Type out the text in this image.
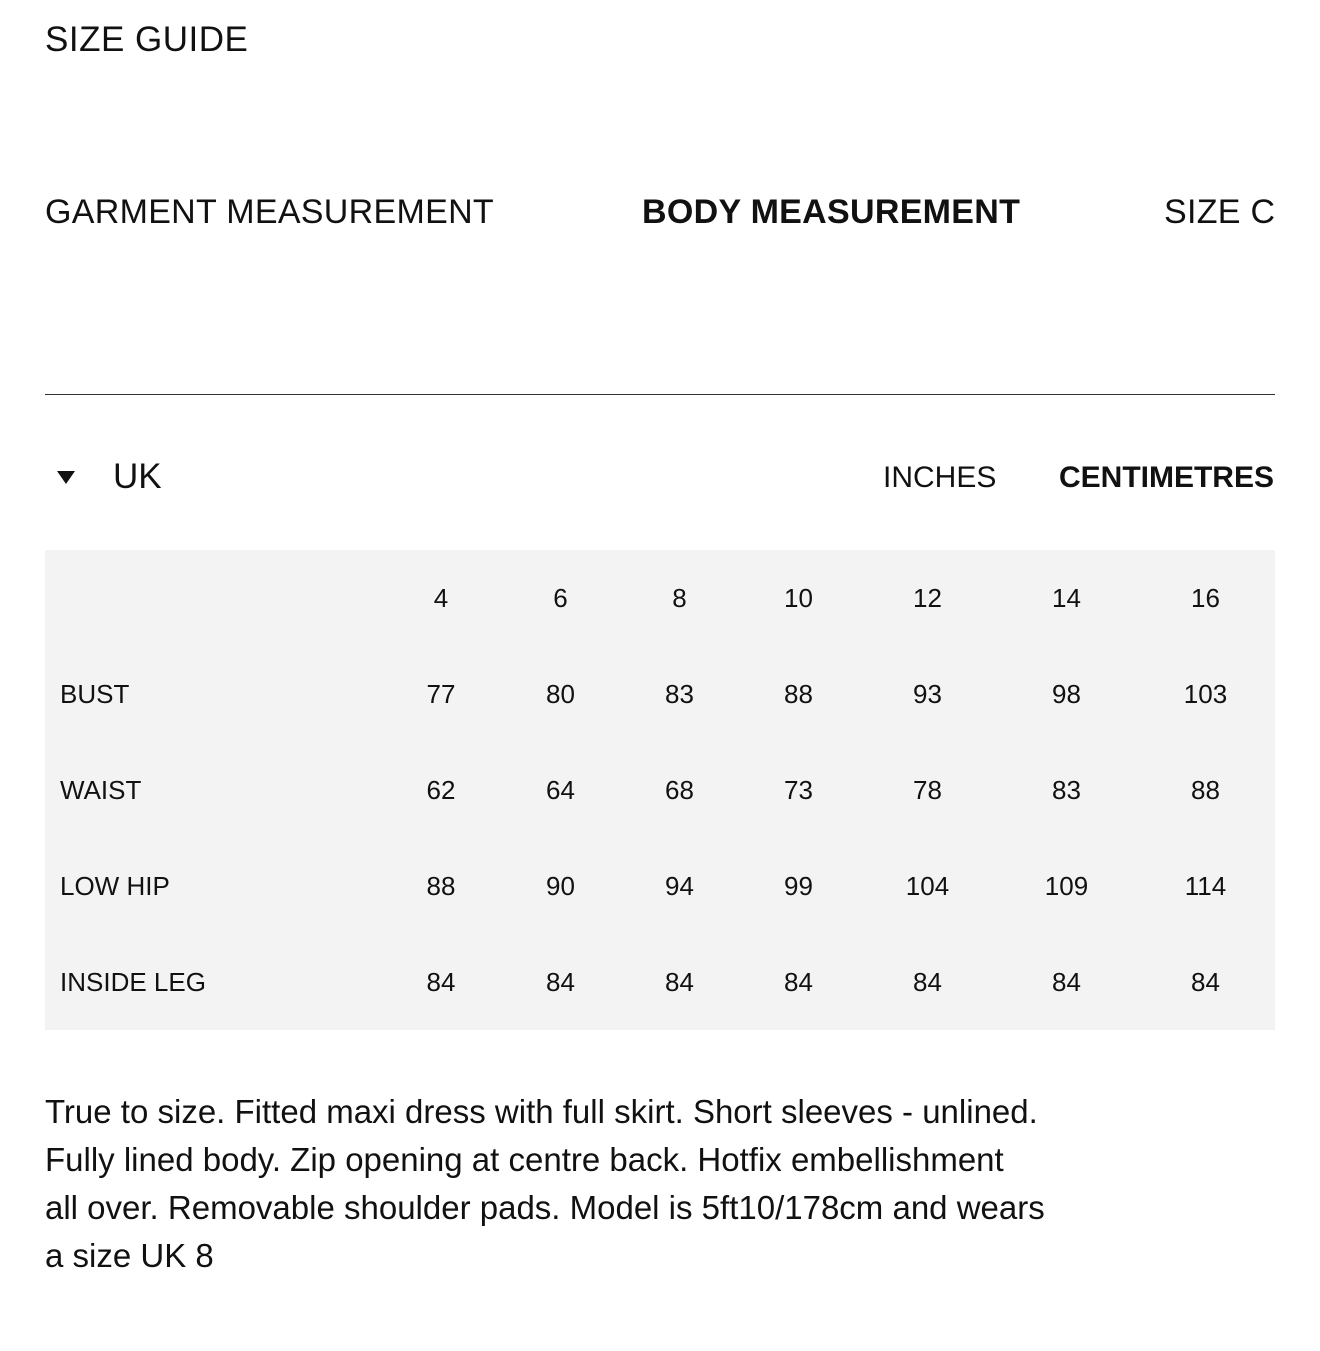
SIZE GUIDE
GARMENT MEASUREMENT	BODY MEASUREMENT	SIZE C
UK	INCHES CENTIMETRES
	4	6	8	10	12	14	16
BUST	77	80	83	88	93	98	103
WAIST	62	64	68	73	78	83	88
LOW HIP	88	90	94	99	104	109	114
INSIDE LEG	84	84	84	84	84	84	84

True to size. Fitted maxi dress with full skirt. Short sleeves - unlined. Fully lined body. Zip opening at centre back. Hotfix embellishment all over. Removable shoulder pads. Model is 5ft10/178cm and wears a size UK 8
